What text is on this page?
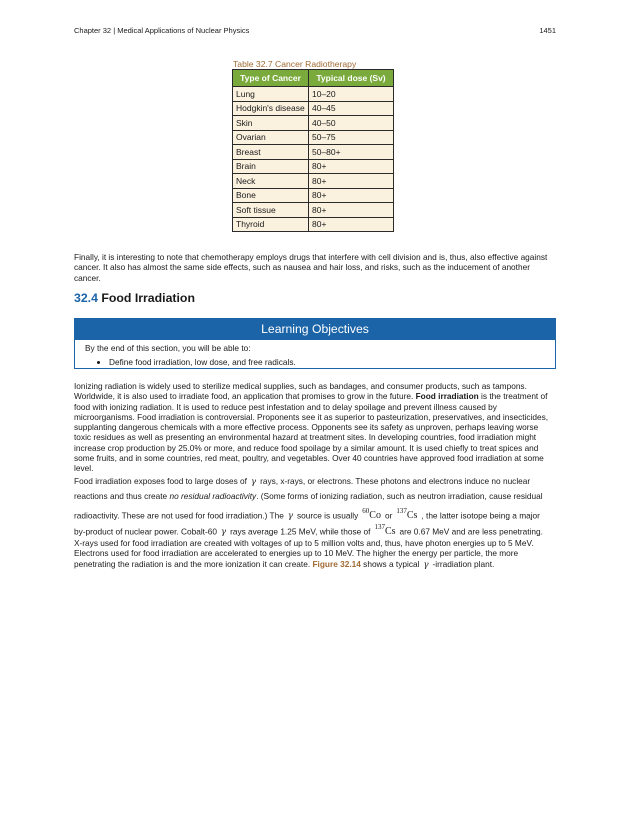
Chapter 32 | Medical Applications of Nuclear Physics	1451
Table 32.7 Cancer Radiotherapy
Type of Cancer	Typical dose (Sv)
Lung	10–20
Hodgkin's disease	40–45
Skin	40–50
Ovarian	50–75
Breast	50–80+
Brain	80+
Neck	80+
Bone	80+
Soft tissue	80+
Thyroid	80+

Finally, it is interesting to note that chemotherapy employs drugs that interfere with cell division and is, thus, also effective against cancer. It also has almost the same side effects, such as nausea and hair loss, and risks, such as the inducement of another cancer.

32.4 Food Irradiation
Learning Objectives
By the end of this section, you will be able to:
• Define food irradiation, low dose, and free radicals.

Ionizing radiation is widely used to sterilize medical supplies, such as bandages, and consumer products, such as tampons. Worldwide, it is also used to irradiate food, an application that promises to grow in the future. Food irradiation is the treatment of food with ionizing radiation. It is used to reduce pest infestation and to delay spoilage and prevent illness caused by microorganisms. Food irradiation is controversial. Proponents see it as superior to pasteurization, preservatives, and insecticides, supplanting dangerous chemicals with a more effective process. Opponents see its safety as unproven, perhaps leaving worse toxic residues as well as presenting an environmental hazard at treatment sites. In developing countries, food irradiation might increase crop production by 25.0% or more, and reduce food spoilage by a similar amount. It is used chiefly to treat spices and some fruits, and in some countries, red meat, poultry, and vegetables. Over 40 countries have approved food irradiation at some level.

Food irradiation exposes food to large doses of γ rays, x-rays, or electrons. These photons and electrons induce no nuclear
reactions and thus create no residual radioactivity. (Some forms of ionizing radiation, such as neutron irradiation, cause residual
radioactivity. These are not used for food irradiation.) The γ source is usually $^{60}$Co or $^{137}$Cs , the latter isotope being a major
by-product of nuclear power. Cobalt-60 γ rays average 1.25 MeV, while those of $^{137}$Cs are 0.67 MeV and are less penetrating.

X-rays used for food irradiation are created with voltages of up to 5 million volts and, thus, have photon energies up to 5 MeV. Electrons used for food irradiation are accelerated to energies up to 10 MeV. The higher the energy per particle, the more penetrating the radiation is and the more ionization it can create. Figure 32.14 shows a typical γ -irradiation plant.
